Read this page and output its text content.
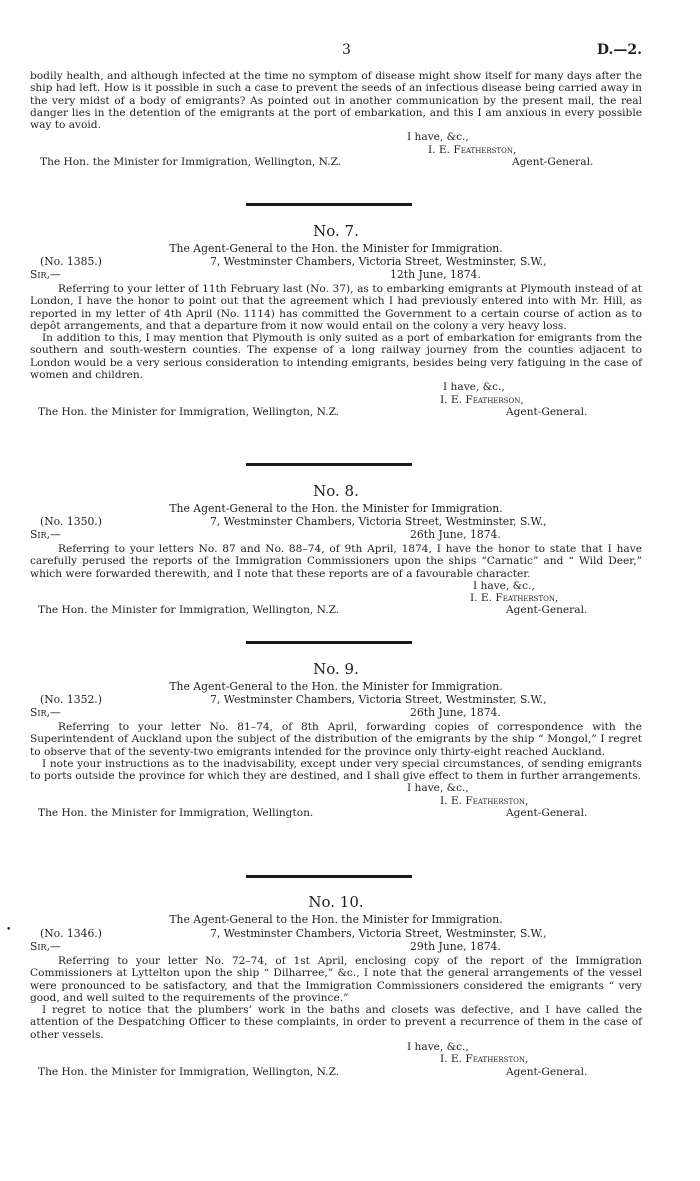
3	D.—2.

bodily health, and although infected at the time no symptom of disease might show itself for many days after the ship had left. How is it possible in such a case to prevent the seeds of an infectious disease being carried away in the very midst of a body of emigrants? As pointed out in another communication by the present mail, the real danger lies in the detention of the emigrants at the port of embarkation, and this I am anxious in every possible way to avoid.

I have, &c.,
I. E. Featherston,
The Hon. the Minister for Immigration, Wellington, N.Z.	Agent-General.
No. 7.
The Agent-General to the Hon. the Minister for Immigration.
(No. 1385.)	7, Westminster Chambers, Victoria Street, Westminster, S.W.,
Sir,—	12th June, 1874.

Referring to your letter of 11th February last (No. 37), as to embarking emigrants at Plymouth instead of at London, I have the honor to point out that the agreement which I had previously entered into with Mr. Hill, as reported in my letter of 4th April (No. 1114) has committed the Government to a certain course of action as to depôt arrangements, and that a departure from it now would entail on the colony a very heavy loss.

In addition to this, I may mention that Plymouth is only suited as a port of embarkation for emigrants from the southern and south-western counties. The expense of a long railway journey from the counties adjacent to London would be a very serious consideration to intending emigrants, besides being very fatiguing in the case of women and children.

I have, &c.,
I. E. Featherson,
The Hon. the Minister for Immigration, Wellington, N.Z.	Agent-General.
No. 8.
The Agent-General to the Hon. the Minister for Immigration.
(No. 1350.)	7, Westminster Chambers, Victoria Street, Westminster, S.W.,
Sir,—	26th June, 1874.

Referring to your letters No. 87 and No. 88–74, of 9th April, 1874, I have the honor to state that I have carefully perused the reports of the Immigration Commissioners upon the ships “Carnatic” and “ Wild Deer,” which were forwarded therewith, and I note that these reports are of a favourable character.

I have, &c.,
I. E. Featherston,
The Hon. the Minister for Immigration, Wellington, N.Z.	Agent-General.
No. 9.
The Agent-General to the Hon. the Minister for Immigration.
(No. 1352.)	7, Westminster Chambers, Victoria Street, Westminster, S.W.,
Sir,—	26th June, 1874.

Referring to your letter No. 81–74, of 8th April, forwarding copies of correspondence with the Superintendent of Auckland upon the subject of the distribution of the emigrants by the ship “ Mongol,” I regret to observe that of the seventy-two emigrants intended for the province only thirty-eight reached Auckland.

I note your instructions as to the inadvisability, except under very special circumstances, of sending emigrants to ports outside the province for which they are destined, and I shall give effect to them in further arrangements.

I have, &c.,
I. E. Featherston,
The Hon. the Minister for Immigration, Wellington.	Agent-General.
No. 10.
•
The Agent-General to the Hon. the Minister for Immigration.
(No. 1346.)	7, Westminster Chambers, Victoria Street, Westminster, S.W.,
Sir,—	29th June, 1874.

Referring to your letter No. 72–74, of 1st April, enclosing copy of the report of the Immigration Commissioners at Lyttelton upon the ship “ Dilharree,” &c., I note that the general arrangements of the vessel were pronounced to be satisfactory, and that the Immigration Commissioners considered the emigrants “ very good, and well suited to the requirements of the province.”

I regret to notice that the plumbers’ work in the baths and closets was defective, and I have called the attention of the Despatching Officer to these complaints, in order to prevent a recurrence of them in the case of other vessels.

I have, &c.,
I. E. Featherston,
The Hon. the Minister for Immigration, Wellington, N.Z.	Agent-General.
